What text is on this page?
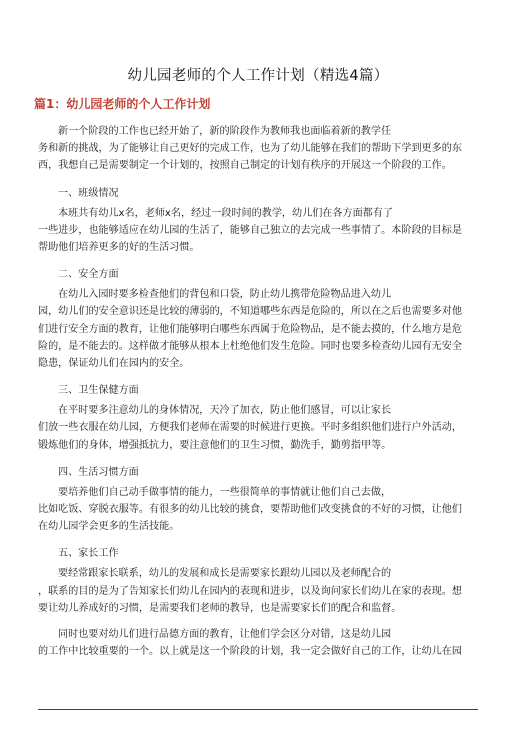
幼儿园老师的个人工作计划（精选4篇）
篇1：幼儿园老师的个人工作计划

新一个阶段的工作也已经开始了，新的阶段作为教师我也面临着新的教学任
务和新的挑战，为了能够让自己更好的完成工作，也为了幼儿能够在我们的帮助下学到更多的东
西，我想自己是需要制定一个计划的，按照自己制定的计划有秩序的开展这一个阶段的工作。

一、班级情况

本班共有幼儿x名，老师x名，经过一段时间的教学，幼儿们在各方面都有了
一些进步，也能够适应在幼儿园的生活了，能够自己独立的去完成一些事情了。本阶段的目标是
帮助他们培养更多的好的生活习惯。

二、安全方面

在幼儿入园时要多检查他们的背包和口袋，防止幼儿携带危险物品进入幼儿
园，幼儿们的安全意识还是比较的薄弱的，不知道哪些东西是危险的，所以在之后也需要多对他
们进行安全方面的教育，让他们能够明白哪些东西属于危险物品，是不能去摸的，什么地方是危
险的，是不能去的。这样做才能够从根本上杜绝他们发生危险。同时也要多检查幼儿园有无安全
隐患，保证幼儿们在园内的安全。

三、卫生保健方面

在平时要多注意幼儿的身体情况，天冷了加衣，防止他们感冒，可以让家长
们放一些衣服在幼儿园，方便我们老师在需要的时候进行更换。平时多组织他们进行户外活动，
锻炼他们的身体，增强抵抗力，要注意他们的卫生习惯，勤洗手，勤剪指甲等。

四、生活习惯方面

要培养他们自己动手做事情的能力，一些很简单的事情就让他们自己去做，
比如吃饭、穿脱衣服等。有很多的幼儿比较的挑食，要帮助他们改变挑食的不好的习惯，让他们
在幼儿园学会更多的生活技能。

五、家长工作

要经常跟家长联系，幼儿的发展和成长是需要家长跟幼儿园以及老师配合的
，联系的目的是为了告知家长们幼儿在园内的表现和进步，以及询问家长们幼儿在家的表现。想
要让幼儿养成好的习惯，是需要我们老师的教导，也是需要家长们的配合和监督。

同时也要对幼儿们进行品德方面的教育，让他们学会区分对错，这是幼儿园
的工作中比较重要的一个。以上就是这一个阶段的计划，我一定会做好自己的工作，让幼儿在园
